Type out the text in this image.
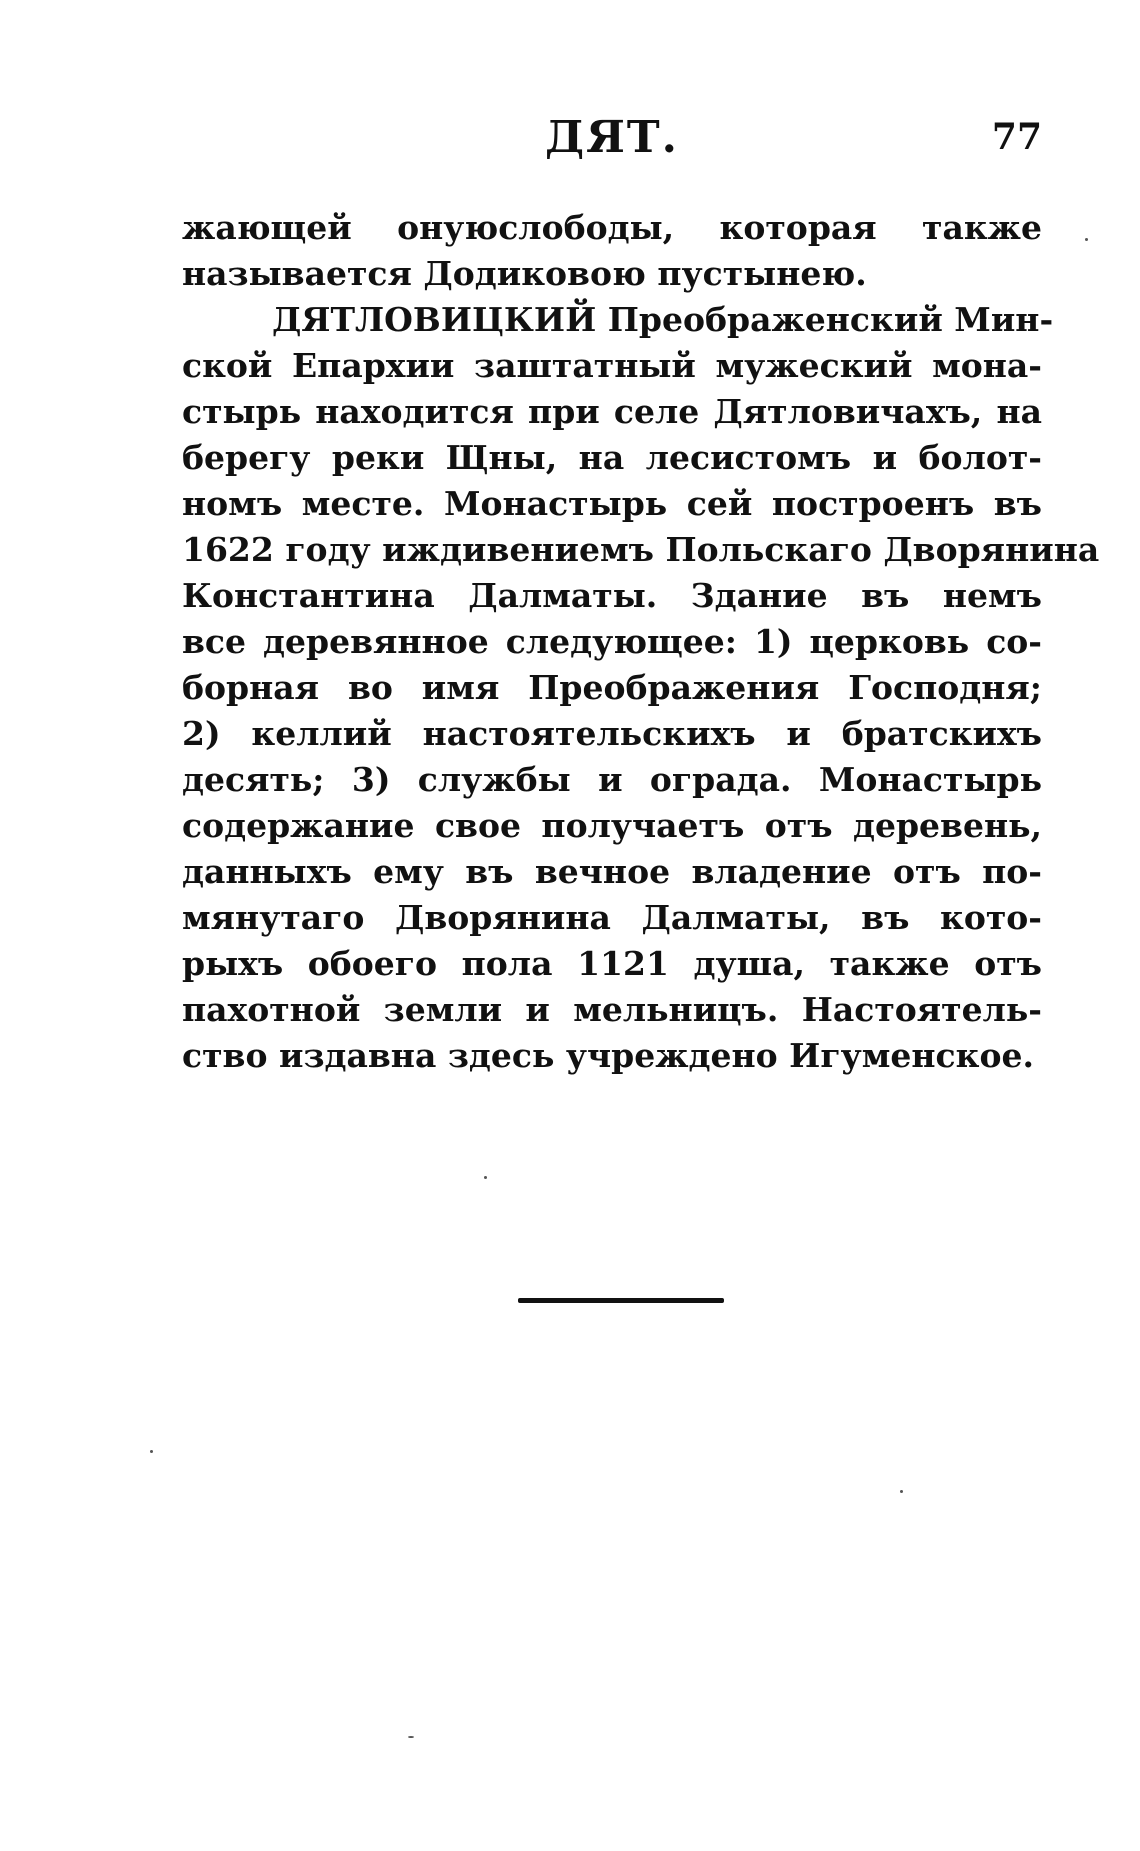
ДЯТ.	77
жающей онуюслободы, которая также
называется Додиковою пустынею.
ДЯТЛОВИЦКИЙ Преображенский Мин-
ской Епархии заштатный мужеский мона-
стырь находится при селе Дятловичахъ, на
берегу реки Щны, на лесистомъ и болот-
номъ месте. Монастырь сей построенъ въ
1622 году иждивениемъ Польскаго Дворянина
Константина Далматы. Здание въ немъ
все деревянное следующее: 1) церковь со-
борная во имя Преображения Господня;
2) келлий настоятельскихъ и братскихъ
десять; 3) службы и ограда. Монастырь
содержание свое получаетъ отъ деревень,
данныхъ ему въ вечное владение отъ по-
мянутаго Дворянина Далматы, въ кото-
рыхъ обоего пола 1121 душа, также отъ
пахотной земли и мельницъ. Настоятель-
ство издавна здесь учреждено Игуменское.
